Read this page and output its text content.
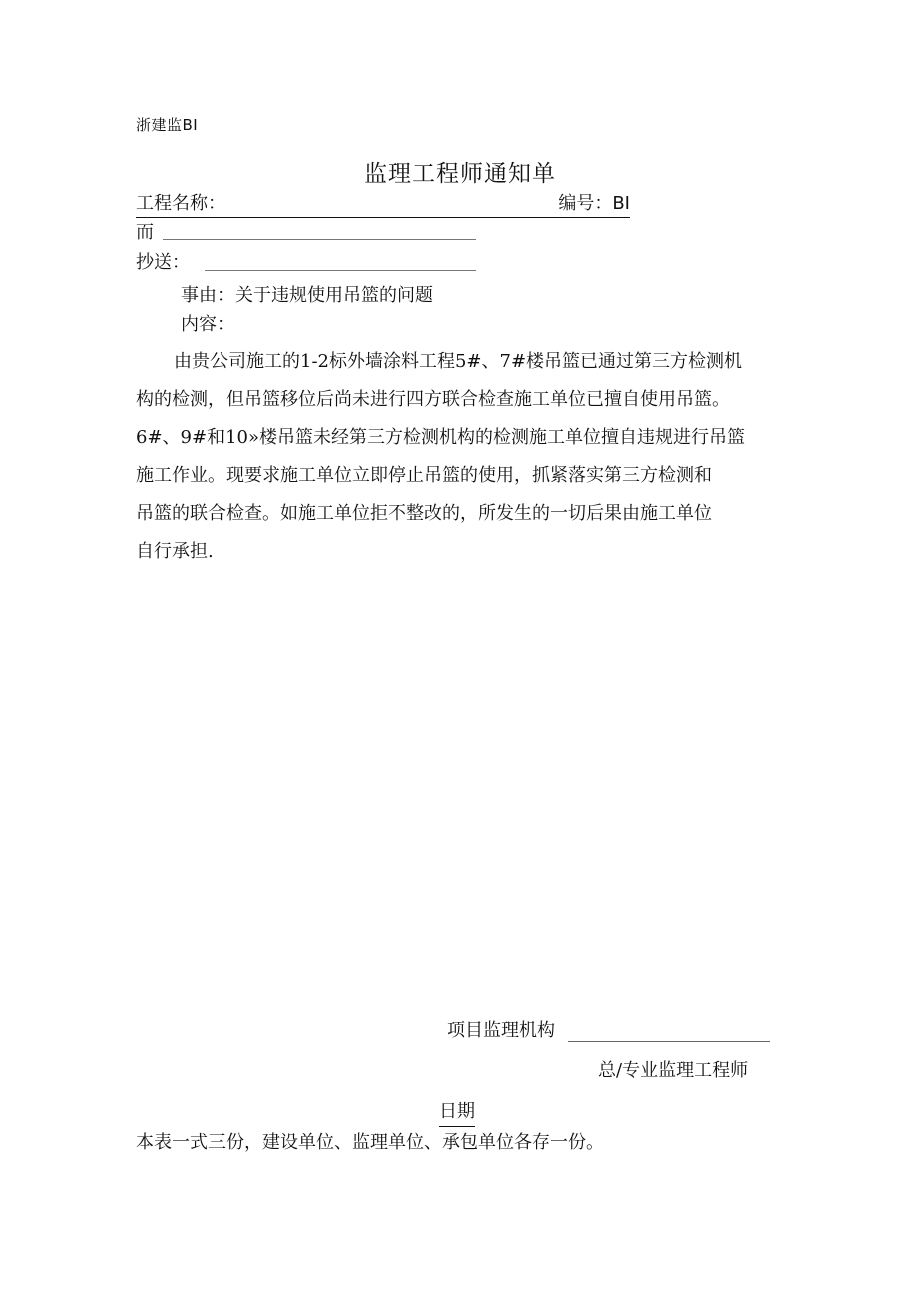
浙建监BI
监理工程师通知单
工程名称：	编号：BI
而
抄送：
事由：关于违规使用吊篮的问题
内容：

由贵公司施工的1-2标外墙涂料工程5#、7#楼吊篮已通过第三方检测机

构的检测，但吊篮移位后尚未进行四方联合检查施工单位已擅自使用吊篮。

6#、9#和10»楼吊篮未经第三方检测机构的检测施工单位擅自违规进行吊篮

施工作业。现要求施工单位立即停止吊篮的使用，抓紧落实第三方检测和

吊篮的联合检查。如施工单位拒不整改的，所发生的一切后果由施工单位

自行承担.

项目监理机构
总/专业监理工程师
日期
本表一式三份，建设单位、监理单位、承包单位各存一份。
